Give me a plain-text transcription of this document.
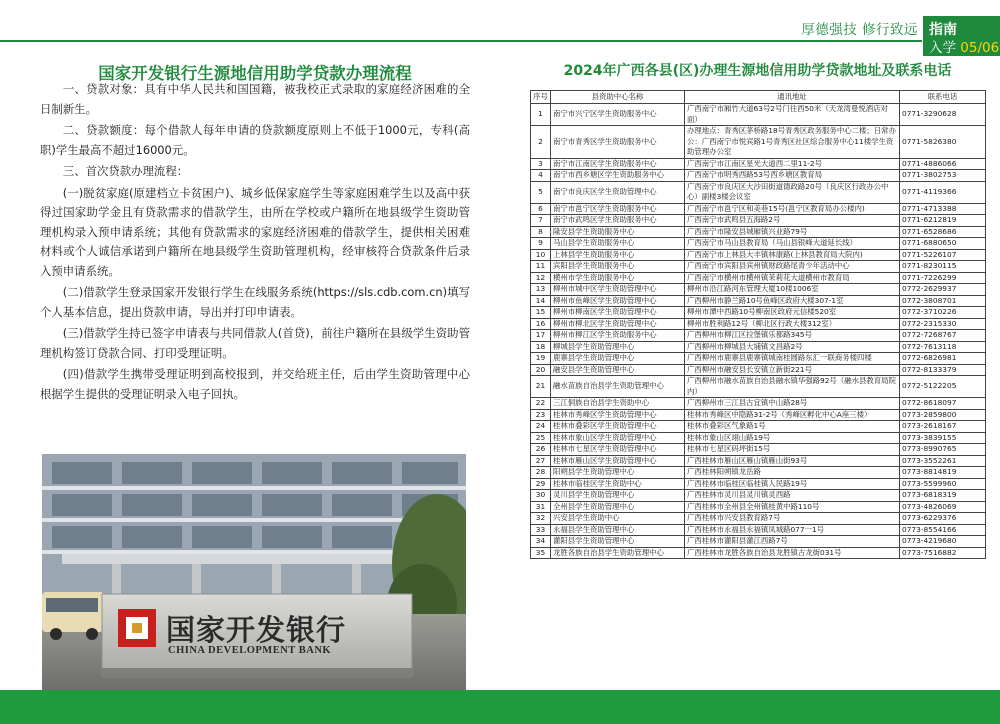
厚德强技 修行致远 指南
入学 05/06
国家开发银行生源地信用助学贷款办理流程

一、贷款对象：具有中华人民共和国国籍，被我校正式录取的家庭经济困难的全日制新生。

二、贷款额度：每个借款人每年申请的贷款额度原则上不低于1000元，专科(高职)学生最高不超过16000元。

三、首次贷款办理流程：

(一)脱贫家庭(原建档立卡贫困户)、城乡低保家庭学生等家庭困难学生以及高中获得过国家助学金且有贷款需求的借款学生，由所在学校或户籍所在地县级学生资助管理机构录入预申请系统；其他有贷款需求的家庭经济困难的借款学生，提供相关困难材料或个人诚信承诺到户籍所在地县级学生资助管理机构，经审核符合贷款条件后录入预申请系统。

(二)借款学生登录国家开发银行学生在线服务系统(https://sls.cdb.com.cn)填写个人基本信息，提出贷款申请，导出并打印申请表。

(三)借款学生持已签字申请表与共同借款人(首贷)，前往户籍所在县级学生资助管理机构签订贷款合同、打印受理证明。

(四)借款学生携带受理证明到高校报到，并交给班主任，后由学生资助管理中心根据学生提供的受理证明录入电子回执。

国家开发银行
CHINA DEVELOPMENT BANK
2024年广西各县(区)办理生源地信用助学贷款地址及联系电话
序号	县资助中心名称	通讯地址	联系电话
1	南宁市兴宁区学生资助服务中心	广西南宁市厢竹大道63号2号门往西50米（天龙湾曼悦酒店对面）	0771-3290628
2	南宁市青秀区学生资助服务中心	办理地点：青秀区茅桥路18号青秀区政务服务中心二楼；日常办公：广西南宁市悦宾路1号青秀区社区综合服务中心11楼学生资助管理办公室	0771-5826380
3	南宁市江南区学生资助服务中心	广西南宁市江南区星光大道西二里11-2号	0771-4886066
4	南宁市西乡塘区学生资助服务中心	广西南宁市明秀西路53号西乡塘区教育局	0771-3802753
5	南宁市良庆区学生资助管理中心	广西南宁市良庆区大沙田街道德政路20号（良庆区行政办公中心）副楼3楼会议室	0771-4119366
6	南宁市邕宁区学生资助服务中心	广西南宁市邕宁区和美巷15号(邕宁区教育局办公楼内)	0771-4713388
7	南宁市武鸣区学生资助服务中心	广西南宁市武鸣县五海路2号	0771-6212819
8	隆安县学生资助服务中心	广西南宁市隆安县城厢镇兴业路79号	0771-6528686
9	马山县学生资助服务中心	广西南宁市马山县教育局（马山县银峰大道延长线）	0771-6880650
10	上林县学生资助服务中心	广西南宁市上林县大丰镇林康路(上林县教育局大院内)	0771-5226107
11	宾阳县学生资助服务中心	广西南宁市宾阳县宾州镇财政路尾青少年活动中心	0771-8230115
12	横州市学生资助服务中心	广西南宁市横州市横州镇茉莉花大道横州市教育局	0771-7226299
13	柳州市城中区学生资助管理中心	柳州市沿江路河东管理大厦10楼1006室	0772-2629937
14	柳州市鱼峰区学生资助管理中心	广西柳州市静兰路10号鱼峰区政府大楼307-1室	0772-3808701
15	柳州市柳南区学生资助管理中心	柳州市潭中西路10号柳南区政府元信楼520室	0772-3710226
16	柳州市柳北区学生资助管理中心	柳州市胜利路12号（柳北区行政大楼312室）	0772-2315330
17	柳州市柳江区学生资助服务中心	广西柳州市柳江区拉堡镇乐都路345号	0772-7268767
18	柳城县学生资助管理中心	广西柳州市柳城县大埔镇文昌路2号	0772-7613118
19	鹿寨县学生资助管理中心	广西柳州市鹿寨县鹿寨镇城南桂圆路东汇一联商务楼四楼	0772-6826981
20	融安县学生资助管理中心	广西柳州市融安县长安镇立新街221号	0772-8133379
21	融水苗族自治县学生资助管理中心	广西柳州市融水苗族自治县融水镇华强路92号（融水县教育局院内）	0772-5122205
22	三江侗族自治县学生资助中心	广西柳州市三江县古宜镇中山路28号	0772-8618097
23	桂林市秀峰区学生资助管理中心	桂林市秀峰区中隐路31-2号（秀峰区孵化中心A座三楼）	0773-2859800
24	桂林市叠彩区学生资助管理中心	桂林市叠彩区气象路1号	0773-2618167
25	桂林市象山区学生资助管理中心	桂林市象山区翊山路19号	0773-3839155
26	桂林市七星区学生资助管理中心	桂林市七星区码坪街15号	0773-8990765
27	桂林市雁山区学生资助管理中心	广西桂林市雁山区雁山镇雁山街93号	0773-3552261
28	阳朔县学生资助管理中心	广西桂林阳朔镇龙岳路	0773-8814819
29	桂林市临桂区学生资助中心	广西桂林市临桂区临桂镇人民路19号	0773-5599960
30	灵川县学生资助管理中心	广西桂林市灵川县灵川镇灵西路	0773-6818319
31	全州县学生资助管理中心	广西桂林市全州县全州镇桂黄中路110号	0773-4826069
32	兴安县学生资助中心	广西桂林市兴安县教育路7号	0773-6229376
33	永福县学生资助管理中心	广西桂林市永福县永福镇凤城路077一1号	0773-8554166
34	灌阳县学生资助管理中心	广西桂林市灌阳县灌江西路7号	0773-4219680
35	龙胜各族自治县学生资助管理中心	广西桂林市龙胜各族自治县龙胜镇古龙街031号	0773-7516882
